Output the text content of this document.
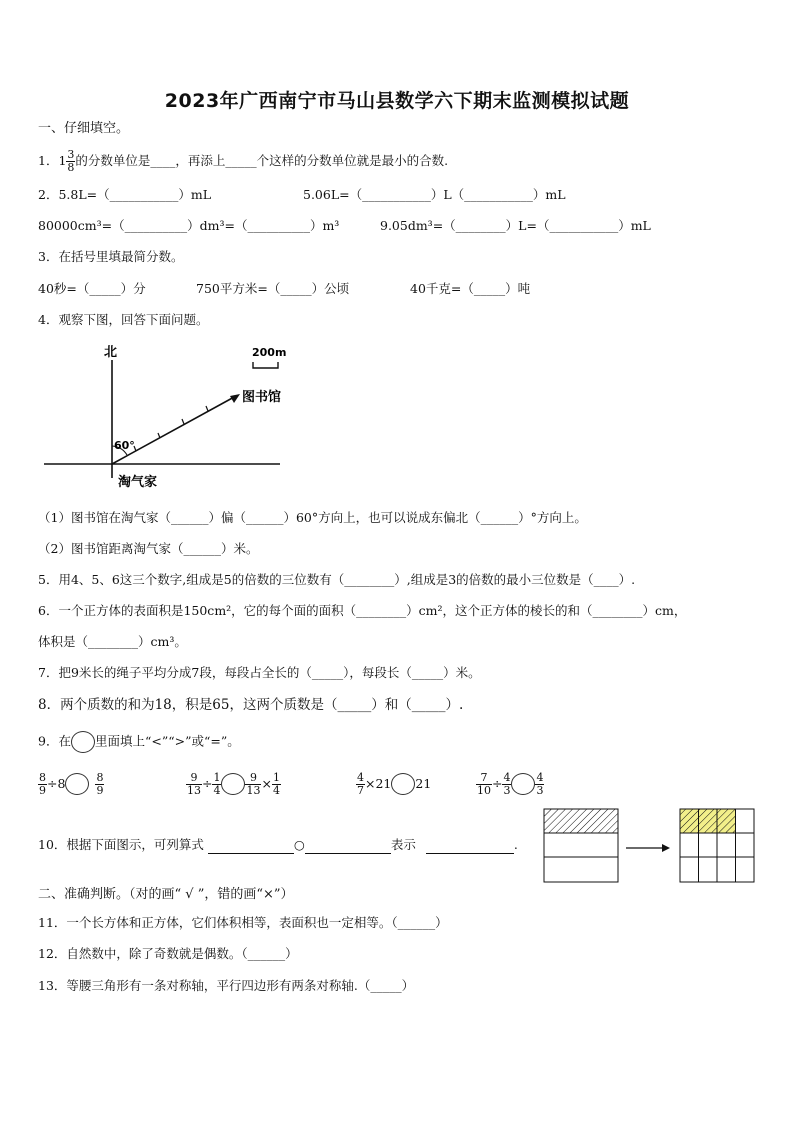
2023年广西南宁市马山县数学六下期末监测模拟试题
一、仔细填空。
1．$1 \frac{3}{8}$ 的分数单位是____，再添上_____个这样的分数单位就是最小的合数.
2．5.8L=（___________）mL	5.06L=（___________）L（___________）mL
80000cm³=（__________）dm³=（__________）m³	9.05dm³=（________）L=（___________）mL
3．在括号里填最简分数。
40秒=（_____）分	750平方米=（_____）公顷	40千克=（_____）吨
4．观察下图，回答下面问题。
北	200m
图书馆
60°
淘气家
（1）图书馆在淘气家（______）偏（______）60°方向上，也可以说成东偏北（______）°方向上。
（2）图书馆距离淘气家（______）米。
5．用4、5、6这三个数字,组成是5的倍数的三位数有（________）,组成是3的倍数的最小三位数是（____）.
6．一个正方体的表面积是150cm²，它的每个面的面积（________）cm²，这个正方体的棱长的和（________）cm，
体积是（________）cm³。
7．把9米长的绳子平均分成7段，每段占全长的（_____），每段长（_____）米。
8．两个质数的和为18，积是65，这两个质数是（_____）和（_____）.
9．在 里面填上“<”“>”或“=”。
$\frac{8}{9} \div 8$	$\frac{8}{9}$	$\frac{9}{13} \div \frac{1}{4} \frac{9}{13} \times \frac{1}{4}$	$\frac{4}{7} \times 21$ 21	$\frac{7}{10} \div \frac{4}{3} \frac{4}{3}$
10．根据下面图示，可列算式	○	表示	.
二、准确判断。（对的画“ √ ”，错的画“×”）
11．一个长方体和正方体，它们体积相等，表面积也一定相等。（______）
12．自然数中，除了奇数就是偶数。（______）
13．等腰三角形有一条对称轴，平行四边形有两条对称轴.（_____）
